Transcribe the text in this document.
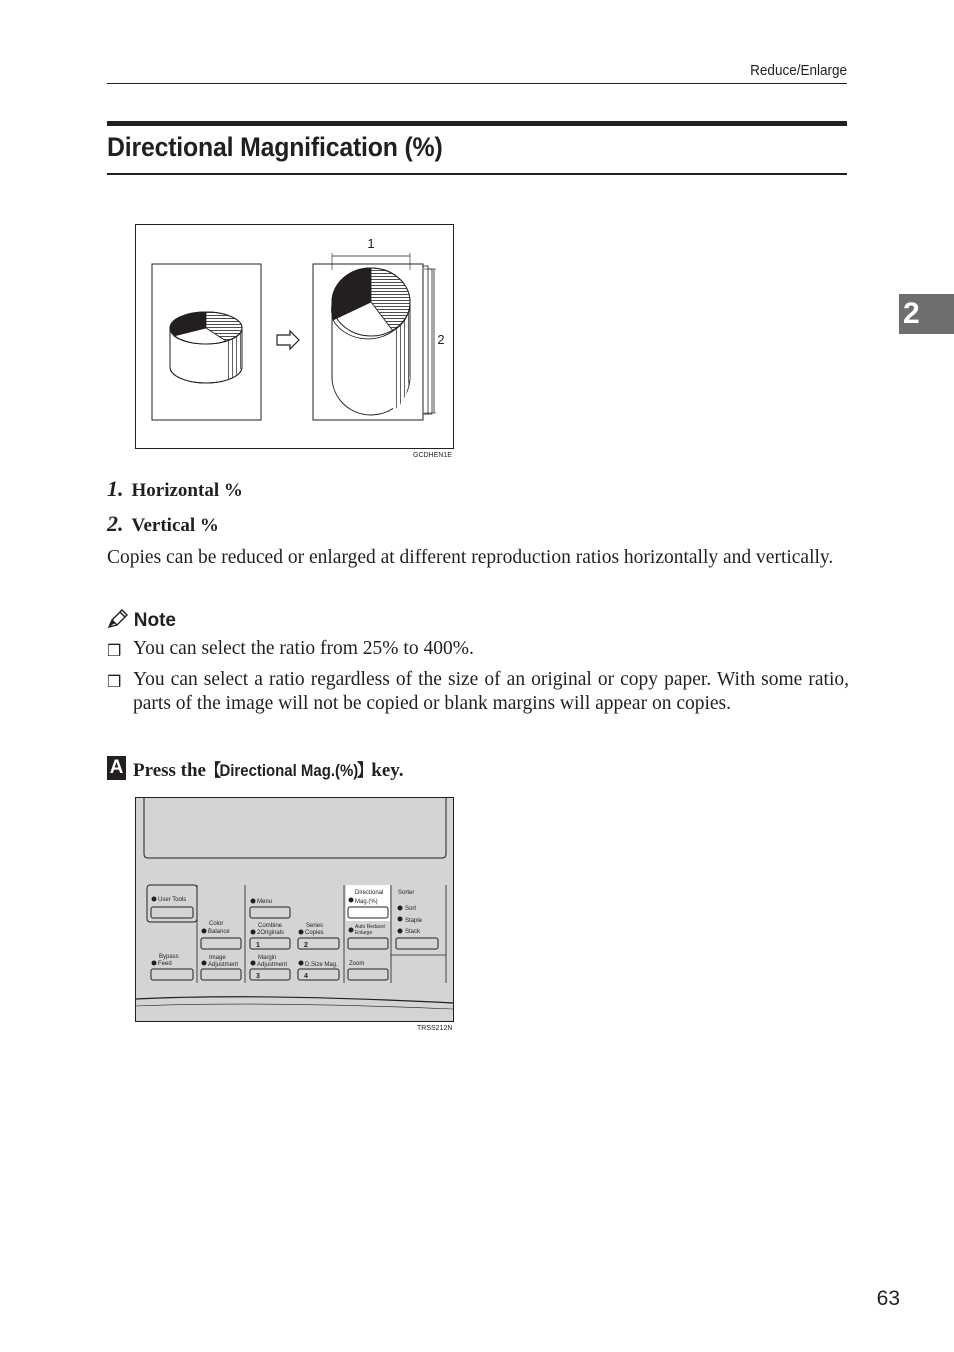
Reduce/Enlarge
Directional Magnification (%)
2
1
2
GCDHEN1E
1. Horizontal %
2. Vertical %
Copies can be reduced or enlarged at different reproduction ratios horizontally and vertically.
Note
❒ You can select the ratio from 25% to 400%.
❒ You can select a ratio regardless of the size of an original or copy paper. With some ratio, parts of the image will not be copied or blank margins will appear on copies.
A Press the 【Directional Mag.(%)】 key.
User Tools
Bypass
Feed
Color
Balance
Image
Adjustment
Menu
Combine
2Originals
1
Margin
Adjustment
3
Series
Copies
2
D.Size Mag.
4
Directional
Mag.(%)
Auto Reduce/
Enlarge
Zoom
Sorter
Sort
Staple
Stack
TRSS212N
63
